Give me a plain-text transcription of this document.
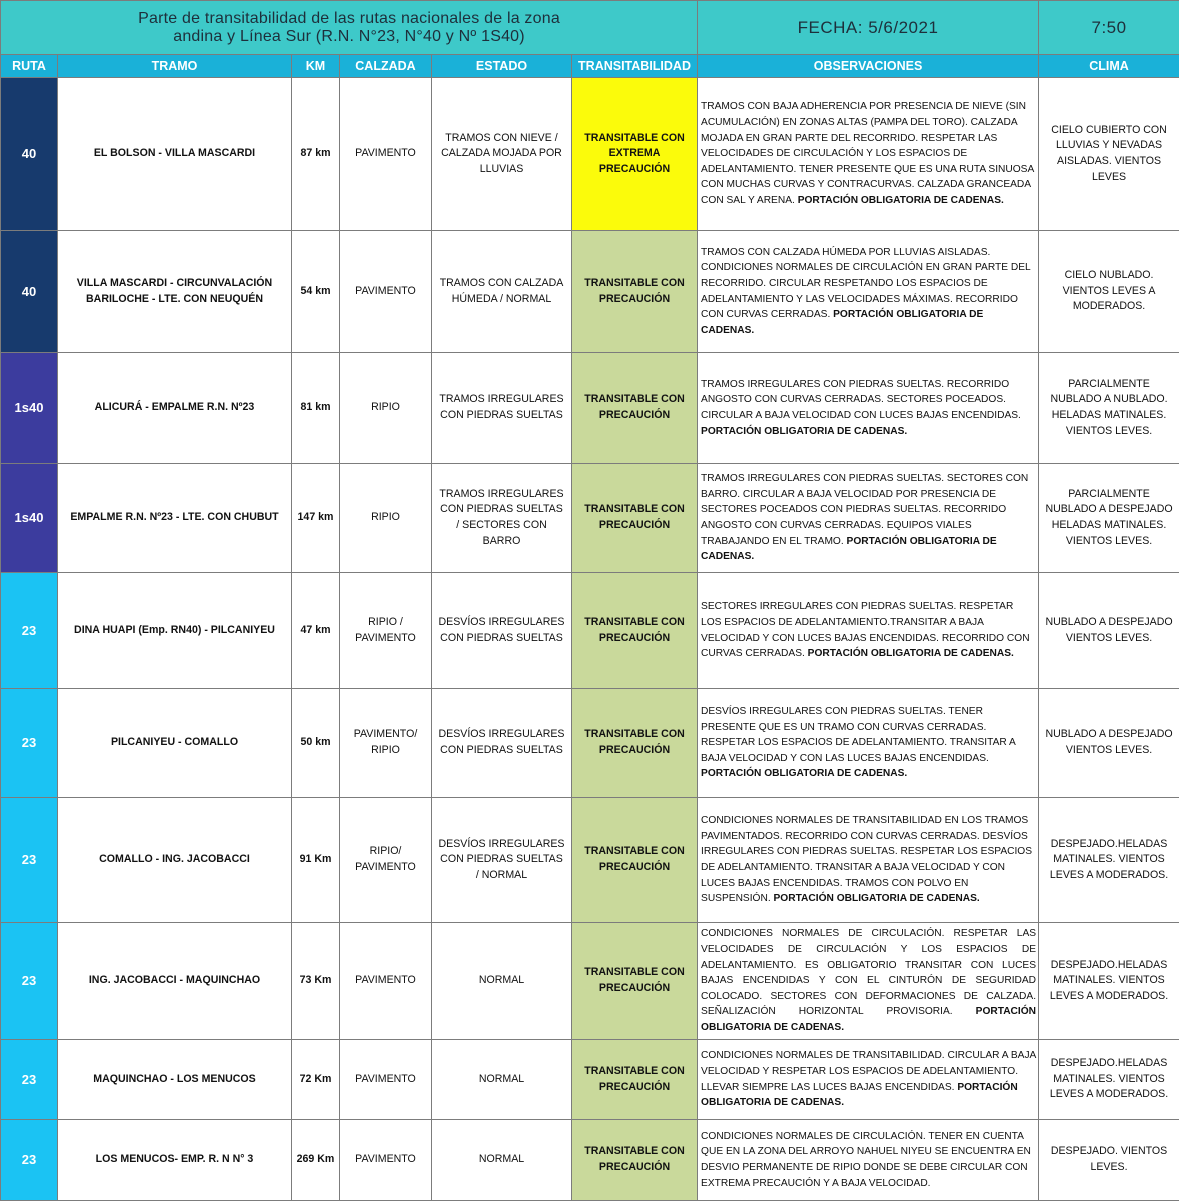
Parte de transitabilidad de las rutas nacionales de la zona
andina y Línea Sur (R.N. N°23, N°40 y Nº 1S40)						FECHA: 5/6/2021	7:50
RUTA	TRAMO	KM	CALZADA	ESTADO	TRANSITABILIDAD	OBSERVACIONES	CLIMA
40	EL BOLSON - VILLA MASCARDI	87 km	PAVIMENTO	TRAMOS CON NIEVE / CALZADA MOJADA POR LLUVIAS	TRANSITABLE CON EXTREMA PRECAUCIÓN	TRAMOS CON BAJA ADHERENCIA POR PRESENCIA DE NIEVE (SIN ACUMULACIÓN) EN ZONAS ALTAS (PAMPA DEL TORO). CALZADA MOJADA EN GRAN PARTE DEL RECORRIDO. RESPETAR LAS VELOCIDADES DE CIRCULACIÓN Y LOS ESPACIOS DE ADELANTAMIENTO. TENER PRESENTE QUE ES UNA RUTA SINUOSA CON MUCHAS CURVAS Y CONTRACURVAS. CALZADA GRANCEADA CON SAL Y ARENA. PORTACIÓN OBLIGATORIA DE CADENAS.	CIELO CUBIERTO CON LLUVIAS Y NEVADAS AISLADAS. VIENTOS LEVES
40	VILLA MASCARDI - CIRCUNVALACIÓN BARILOCHE - LTE. CON NEUQUÉN	54 km	PAVIMENTO	TRAMOS CON CALZADA HÚMEDA / NORMAL	TRANSITABLE CON PRECAUCIÓN	TRAMOS CON CALZADA HÚMEDA POR LLUVIAS AISLADAS. CONDICIONES NORMALES DE CIRCULACIÓN EN GRAN PARTE DEL RECORRIDO. CIRCULAR RESPETANDO LOS ESPACIOS DE ADELANTAMIENTO Y LAS VELOCIDADES MÁXIMAS. RECORRIDO CON CURVAS CERRADAS. PORTACIÓN OBLIGATORIA DE CADENAS.	CIELO NUBLADO. VIENTOS LEVES A MODERADOS.
1s40	ALICURÁ - EMPALME R.N. Nº23	81 km	RIPIO	TRAMOS IRREGULARES CON PIEDRAS SUELTAS	TRANSITABLE CON PRECAUCIÓN	TRAMOS IRREGULARES CON PIEDRAS SUELTAS. RECORRIDO ANGOSTO CON CURVAS CERRADAS. SECTORES POCEADOS. CIRCULAR A BAJA VELOCIDAD CON LUCES BAJAS ENCENDIDAS. PORTACIÓN OBLIGATORIA DE CADENAS.	PARCIALMENTE NUBLADO A NUBLADO. HELADAS MATINALES. VIENTOS LEVES.
1s40	EMPALME R.N. Nº23 - LTE. CON CHUBUT	147 km	RIPIO	TRAMOS IRREGULARES CON PIEDRAS SUELTAS / SECTORES CON BARRO	TRANSITABLE CON PRECAUCIÓN	TRAMOS IRREGULARES CON PIEDRAS SUELTAS. SECTORES CON BARRO. CIRCULAR A BAJA VELOCIDAD POR PRESENCIA DE SECTORES POCEADOS CON PIEDRAS SUELTAS. RECORRIDO ANGOSTO CON CURVAS CERRADAS. EQUIPOS VIALES TRABAJANDO EN EL TRAMO. PORTACIÓN OBLIGATORIA DE CADENAS.	PARCIALMENTE NUBLADO A DESPEJADO HELADAS MATINALES. VIENTOS LEVES.
23	DINA HUAPI (Emp. RN40) - PILCANIYEU	47 km	RIPIO / PAVIMENTO	DESVÍOS IRREGULARES CON PIEDRAS SUELTAS	TRANSITABLE CON PRECAUCIÓN	SECTORES IRREGULARES CON PIEDRAS SUELTAS. RESPETAR LOS ESPACIOS DE ADELANTAMIENTO.TRANSITAR A BAJA VELOCIDAD Y CON LUCES BAJAS ENCENDIDAS. RECORRIDO CON CURVAS CERRADAS. PORTACIÓN OBLIGATORIA DE CADENAS.	NUBLADO A DESPEJADO VIENTOS LEVES.
23	PILCANIYEU - COMALLO	50 km	PAVIMENTO/ RIPIO	DESVÍOS IRREGULARES CON PIEDRAS SUELTAS	TRANSITABLE CON PRECAUCIÓN	DESVÍOS IRREGULARES CON PIEDRAS SUELTAS. TENER PRESENTE QUE ES UN TRAMO CON CURVAS CERRADAS. RESPETAR LOS ESPACIOS DE ADELANTAMIENTO. TRANSITAR A BAJA VELOCIDAD Y CON LAS LUCES BAJAS ENCENDIDAS. PORTACIÓN OBLIGATORIA DE CADENAS.	NUBLADO A DESPEJADO VIENTOS LEVES.
23	COMALLO - ING. JACOBACCI	91 Km	RIPIO/ PAVIMENTO	DESVÍOS IRREGULARES CON PIEDRAS SUELTAS / NORMAL	TRANSITABLE CON PRECAUCIÓN	CONDICIONES NORMALES DE TRANSITABILIDAD EN LOS TRAMOS PAVIMENTADOS. RECORRIDO CON CURVAS CERRADAS. DESVÍOS IRREGULARES CON PIEDRAS SUELTAS. RESPETAR LOS ESPACIOS DE ADELANTAMIENTO. TRANSITAR A BAJA VELOCIDAD Y CON LUCES BAJAS ENCENDIDAS. TRAMOS CON POLVO EN SUSPENSIÓN. PORTACIÓN OBLIGATORIA DE CADENAS.	DESPEJADO.HELADAS MATINALES. VIENTOS LEVES A MODERADOS.
23	ING. JACOBACCI - MAQUINCHAO	73 Km	PAVIMENTO	NORMAL	TRANSITABLE CON PRECAUCIÓN	CONDICIONES NORMALES DE CIRCULACIÓN. RESPETAR LAS VELOCIDADES DE CIRCULACIÓN Y LOS ESPACIOS DE ADELANTAMIENTO. ES OBLIGATORIO TRANSITAR CON LUCES BAJAS ENCENDIDAS Y CON EL CINTURÓN DE SEGURIDAD COLOCADO. SECTORES CON DEFORMACIONES DE CALZADA. SEÑALIZACIÓN HORIZONTAL PROVISORIA. PORTACIÓN OBLIGATORIA DE CADENAS.	DESPEJADO.HELADAS MATINALES. VIENTOS LEVES A MODERADOS.
23	MAQUINCHAO - LOS MENUCOS	72 Km	PAVIMENTO	NORMAL	TRANSITABLE CON PRECAUCIÓN	CONDICIONES NORMALES DE TRANSITABILIDAD. CIRCULAR A BAJA VELOCIDAD Y RESPETAR LOS ESPACIOS DE ADELANTAMIENTO. LLEVAR SIEMPRE LAS LUCES BAJAS ENCENDIDAS. PORTACIÓN OBLIGATORIA DE CADENAS.	DESPEJADO.HELADAS MATINALES. VIENTOS LEVES A MODERADOS.
23	LOS MENUCOS- EMP. R. N N° 3	269 Km	PAVIMENTO	NORMAL	TRANSITABLE CON PRECAUCIÓN	CONDICIONES NORMALES DE CIRCULACIÓN. TENER EN CUENTA QUE EN LA ZONA DEL ARROYO NAHUEL NIYEU SE ENCUENTRA EN DESVIO PERMANENTE DE RIPIO DONDE SE DEBE CIRCULAR CON EXTREMA PRECAUCIÓN Y A BAJA VELOCIDAD.	DESPEJADO. VIENTOS LEVES.
